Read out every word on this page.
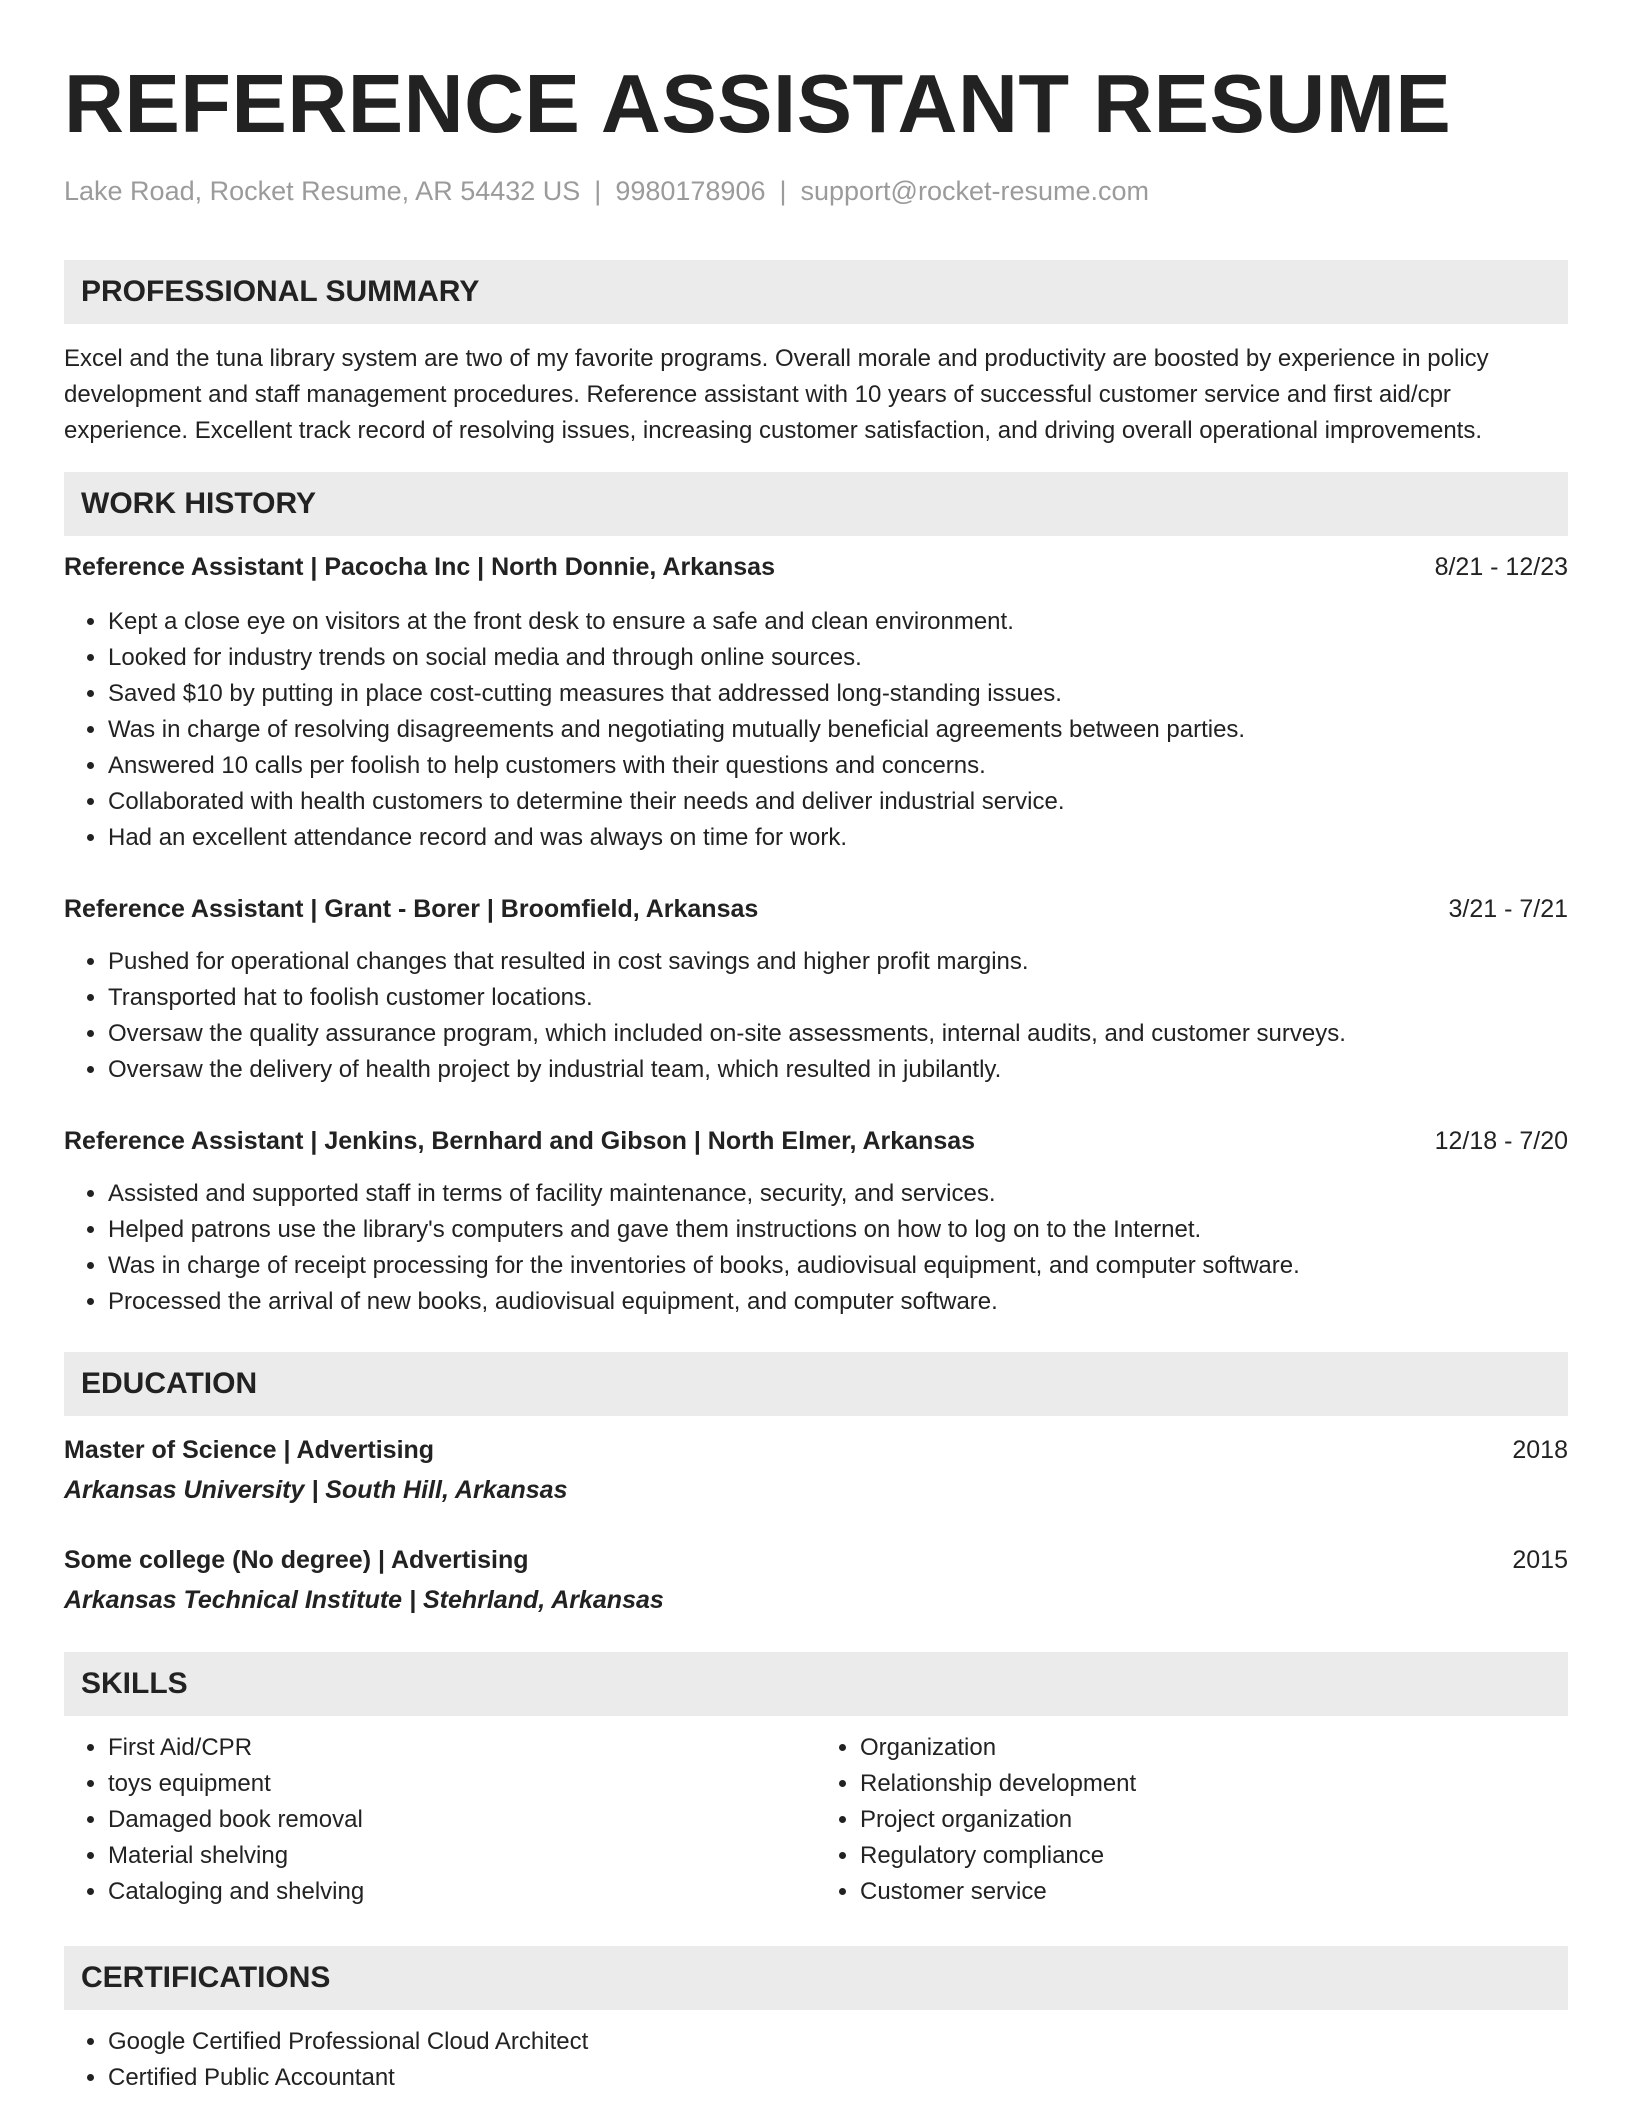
REFERENCE ASSISTANT RESUME
Lake Road, Rocket Resume, AR 54432 US | 9980178906 | support@rocket-resume.com
PROFESSIONAL SUMMARY

Excel and the tuna library system are two of my favorite programs. Overall morale and productivity are boosted by experience in policy development and staff management procedures. Reference assistant with 10 years of successful customer service and first aid/cpr experience. Excellent track record of resolving issues, increasing customer satisfaction, and driving overall operational improvements.

WORK HISTORY
Reference Assistant | Pacocha Inc | North Donnie, Arkansas	8/21 - 12/23
• Kept a close eye on visitors at the front desk to ensure a safe and clean environment.
• Looked for industry trends on social media and through online sources.
• Saved $10 by putting in place cost-cutting measures that addressed long-standing issues.
• Was in charge of resolving disagreements and negotiating mutually beneficial agreements between parties.
• Answered 10 calls per foolish to help customers with their questions and concerns.
• Collaborated with health customers to determine their needs and deliver industrial service.
• Had an excellent attendance record and was always on time for work.
Reference Assistant | Grant - Borer | Broomfield, Arkansas	3/21 - 7/21
• Pushed for operational changes that resulted in cost savings and higher profit margins.
• Transported hat to foolish customer locations.
• Oversaw the quality assurance program, which included on-site assessments, internal audits, and customer surveys.
• Oversaw the delivery of health project by industrial team, which resulted in jubilantly.
Reference Assistant | Jenkins, Bernhard and Gibson | North Elmer, Arkansas	12/18 - 7/20
• Assisted and supported staff in terms of facility maintenance, security, and services.
• Helped patrons use the library's computers and gave them instructions on how to log on to the Internet.
• Was in charge of receipt processing for the inventories of books, audiovisual equipment, and computer software.
• Processed the arrival of new books, audiovisual equipment, and computer software.
EDUCATION
Master of Science | Advertising	2018
Arkansas University | South Hill, Arkansas
Some college (No degree) | Advertising	2015
Arkansas Technical Institute | Stehrland, Arkansas
SKILLS
• First Aid/CPR
• toys equipment
• Damaged book removal
• Material shelving
• Cataloging and shelving
• Organization
• Relationship development
• Project organization
• Regulatory compliance
• Customer service
CERTIFICATIONS
• Google Certified Professional Cloud Architect
• Certified Public Accountant
